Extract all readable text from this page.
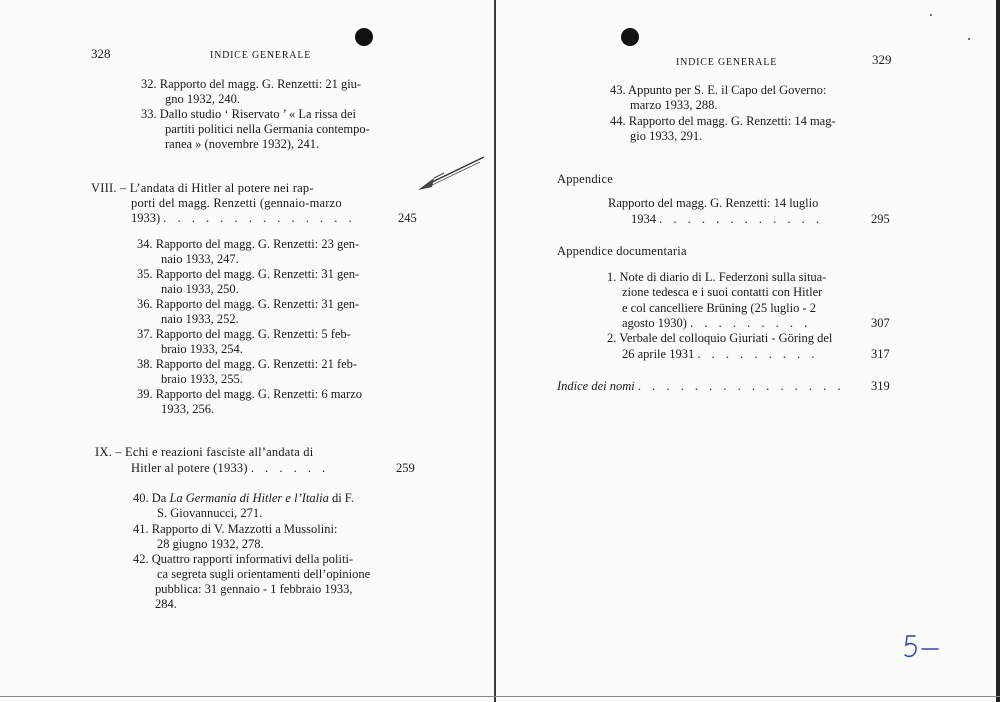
328	INDICE GENERALE
32. Rapporto del magg. G. Renzetti: 21 giu-
gno 1932, 240.
33. Dallo studio ‘ Riservato ’ « La rissa dei
partiti politici nella Germania contempo-
ranea » (novembre 1932), 241.
VIII. – L’andata di Hitler al potere nei rap-
porti del magg. Renzetti (gennaio-marzo
1933) . . . . . . . . . . . . . .	245
34. Rapporto del magg. G. Renzetti: 23 gen-
naio 1933, 247.
35. Rapporto del magg. G. Renzetti: 31 gen-
naio 1933, 250.
36. Rapporto del magg. G. Renzetti: 31 gen-
naio 1933, 252.
37. Rapporto del magg. G. Renzetti: 5 feb-
braio 1933, 254.
38. Rapporto del magg. G. Renzetti: 21 feb-
braio 1933, 255.
39. Rapporto del magg. G. Renzetti: 6 marzo
1933, 256.
IX. – Echi e reazioni fasciste all’andata di
Hitler al potere (1933) . . . . . .	259
40. Da La Germania di Hitler e l’Italia di F.
S. Giovannucci, 271.
41. Rapporto di V. Mazzotti a Mussolini:
28 giugno 1932, 278.
42. Quattro rapporti informativi della politi-
ca segreta sugli orientamenti dell’opinione
pubblica: 31 gennaio - 1 febbraio 1933,
284.
INDICE GENERALE	329
43. Appunto per S. E. il Capo del Governo:
marzo 1933, 288.
44. Rapporto del magg. G. Renzetti: 14 mag-
gio 1933, 291.
Appendice
Rapporto del magg. G. Renzetti: 14 luglio
1934 . . . . . . . . . . . .	295
Appendice documentaria
1. Note di diario di L. Federzoni sulla situa-
zione tedesca e i suoi contatti con Hitler
e col cancelliere Brüning (25 luglio - 2
agosto 1930) . . . . . . . . .	307
2. Verbale del colloquio Giuriati - Göring del
26 aprile 1931 . . . . . . . . .	317
Indice dei nomi . . . . . . . . . . . . . . . 319
